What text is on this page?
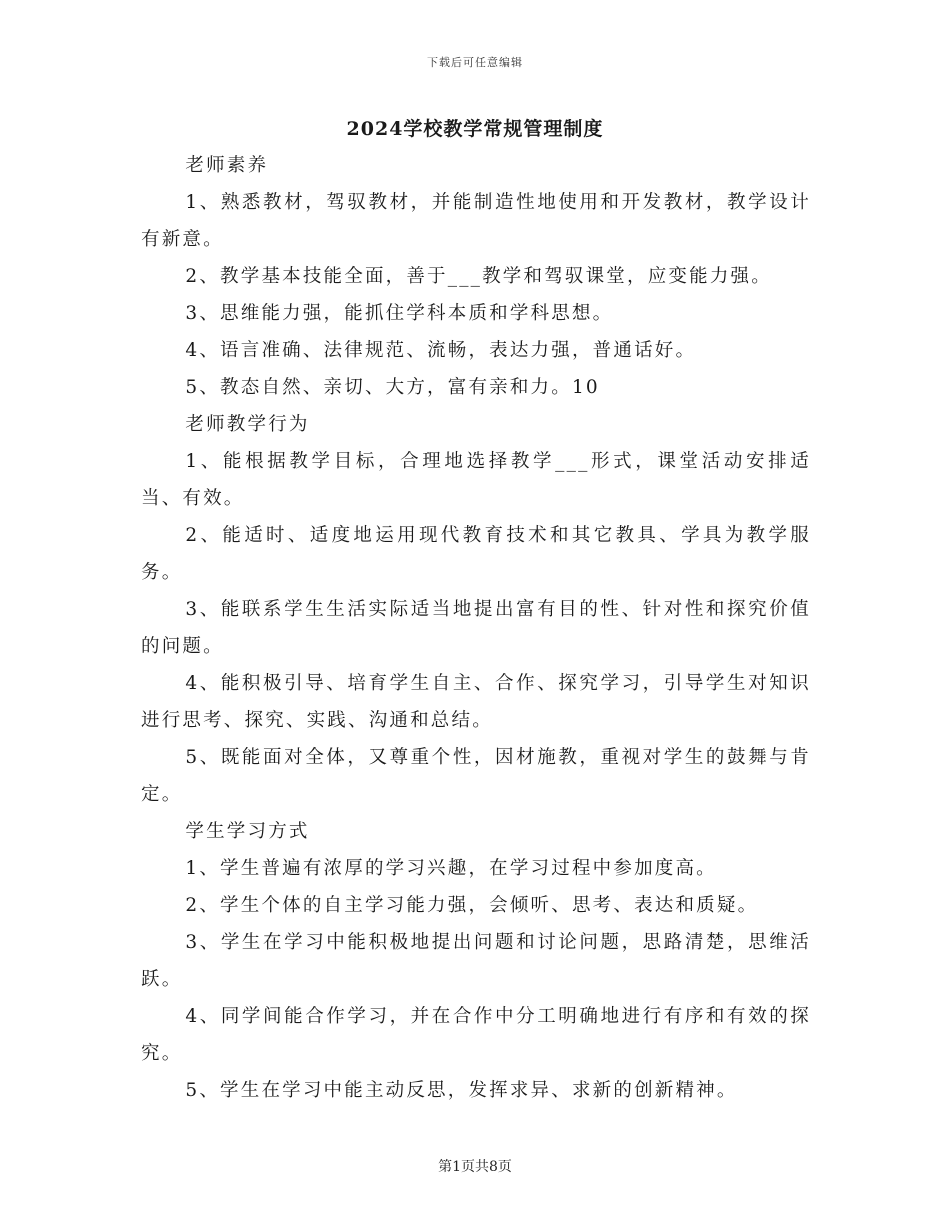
下载后可任意编辑
2024学校教学常规管理制度

老师素养

1、熟悉教材，驾驭教材，并能制造性地使用和开发教材，教学设计有新意。

2、教学基本技能全面，善于___教学和驾驭课堂，应变能力强。

3、思维能力强，能抓住学科本质和学科思想。

4、语言准确、法律规范、流畅，表达力强，普通话好。

5、教态自然、亲切、大方，富有亲和力。10

老师教学行为

1、能根据教学目标，合理地选择教学___形式，课堂活动安排适当、有效。

2、能适时、适度地运用现代教育技术和其它教具、学具为教学服务。

3、能联系学生生活实际适当地提出富有目的性、针对性和探究价值的问题。

4、能积极引导、培育学生自主、合作、探究学习，引导学生对知识进行思考、探究、实践、沟通和总结。

5、既能面对全体，又尊重个性，因材施教，重视对学生的鼓舞与肯定。

学生学习方式

1、学生普遍有浓厚的学习兴趣，在学习过程中参加度高。

2、学生个体的自主学习能力强，会倾听、思考、表达和质疑。

3、学生在学习中能积极地提出问题和讨论问题，思路清楚，思维活跃。

4、同学间能合作学习，并在合作中分工明确地进行有序和有效的探究。

5、学生在学习中能主动反思，发挥求异、求新的创新精神。

第1页共8页
